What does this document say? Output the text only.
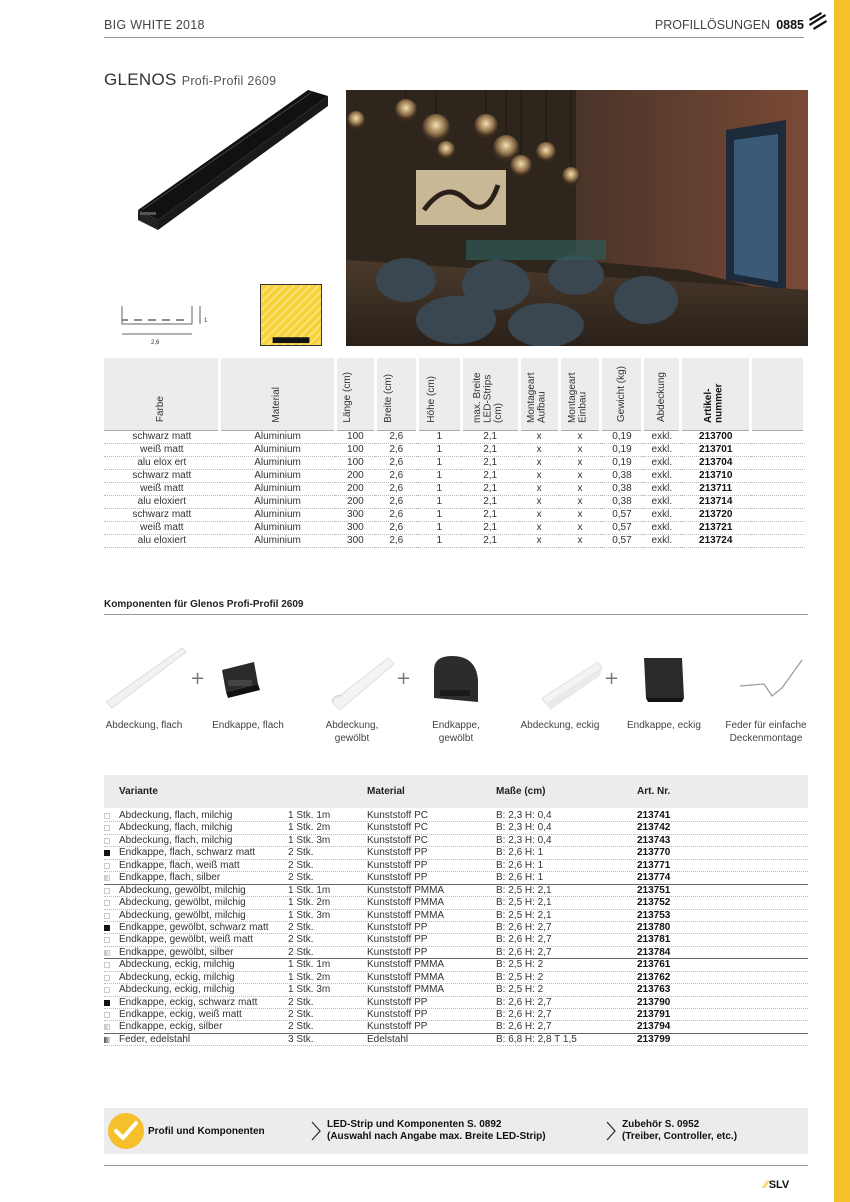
BIG WHITE 2018	PROFILLÖSUNGEN 0885
GLENOS Profi-Profil 2609
1
2,6
Farbe	Material	Länge (cm)	Breite (cm)	Höhe (cm)	max. Breite LED-Strips (cm)	Montageart Aufbau	Montageart Einbau	Gewicht (kg)	Abdeckung	Artikel-nummer	
schwarz matt	Aluminium	100	2,6	1	2,1	x	x	0,19	exkl.	213700	
weiß matt	Aluminium	100	2,6	1	2,1	x	x	0,19	exkl.	213701	
alu elox ert	Aluminium	100	2,6	1	2,1	x	x	0,19	exkl.	213704	
schwarz matt	Aluminium	200	2,6	1	2,1	x	x	0,38	exkl.	213710	
weiß matt	Aluminium	200	2,6	1	2,1	x	x	0,38	exkl.	213711	
alu eloxiert	Aluminium	200	2,6	1	2,1	x	x	0,38	exkl.	213714	
schwarz matt	Aluminium	300	2,6	1	2,1	x	x	0,57	exkl.	213720	
weiß matt	Aluminium	300	2,6	1	2,1	x	x	0,57	exkl.	213721	
alu eloxiert	Aluminium	300	2,6	1	2,1	x	x	0,57	exkl.	213724	
Komponenten für Glenos Profi-Profil 2609
+	+	+
Abdeckung, flach	Endkappe, flach	Abdeckung,
gewölbt
Endkappe,
gewölbt
Abdeckung, eckig	Endkappe, eckig	Feder für einfache
Deckenmontage
Variante	Material	Maße (cm)	Art. Nr.
Abdeckung, flach, milchig	1 Stk. 1m	Kunststoff PC	B: 2,3 H: 0,4	213741
Abdeckung, flach, milchig	1 Stk. 2m	Kunststoff PC	B: 2,3 H: 0,4	213742
Abdeckung, flach, milchig	1 Stk. 3m	Kunststoff PC	B: 2,3 H: 0,4	213743
Endkappe, flach, schwarz matt	2 Stk.	Kunststoff PP	B: 2,6 H: 1	213770
Endkappe, flach, weiß matt	2 Stk.	Kunststoff PP	B: 2,6 H: 1	213771
Endkappe, flach, silber	2 Stk.	Kunststoff PP	B: 2,6 H: 1	213774
Abdeckung, gewölbt, milchig	1 Stk. 1m	Kunststoff PMMA	B: 2,5 H: 2,1	213751
Abdeckung, gewölbt, milchig	1 Stk. 2m	Kunststoff PMMA	B: 2,5 H: 2,1	213752
Abdeckung, gewölbt, milchig	1 Stk. 3m	Kunststoff PMMA	B: 2,5 H: 2,1	213753
Endkappe, gewölbt, schwarz matt 2 Stk.	Kunststoff PP	B: 2,6 H: 2,7	213780
Endkappe, gewölbt, weiß matt	2 Stk.	Kunststoff PP	B: 2,6 H: 2,7	213781
Endkappe, gewölbt, silber	2 Stk.	Kunststoff PP	B: 2,6 H: 2,7	213784
Abdeckung, eckig, milchig	1 Stk. 1m	Kunststoff PMMA	B: 2,5 H: 2	213761
Abdeckung, eckig, milchig	1 Stk. 2m	Kunststoff PMMA	B: 2,5 H: 2	213762
Abdeckung, eckig, milchig	1 Stk. 3m	Kunststoff PMMA	B: 2,5 H: 2	213763
Endkappe, eckig, schwarz matt	2 Stk.	Kunststoff PP	B: 2,6 H: 2,7	213790
Endkappe, eckig, weiß matt	2 Stk.	Kunststoff PP	B: 2,6 H: 2,7	213791
Endkappe, eckig, silber	2 Stk.	Kunststoff PP	B: 2,6 H: 2,7	213794
Feder, edelstahl	3 Stk.	Edelstahl	B: 6,8 H: 2,8 T 1,5	213799
Profil und Komponenten
LED-Strip und Komponenten S. 0892
(Auswahl nach Angabe max. Breite LED-Strip)
Zubehör S. 0952
(Treiber, Controller, etc.)
⁄⁄SLV
